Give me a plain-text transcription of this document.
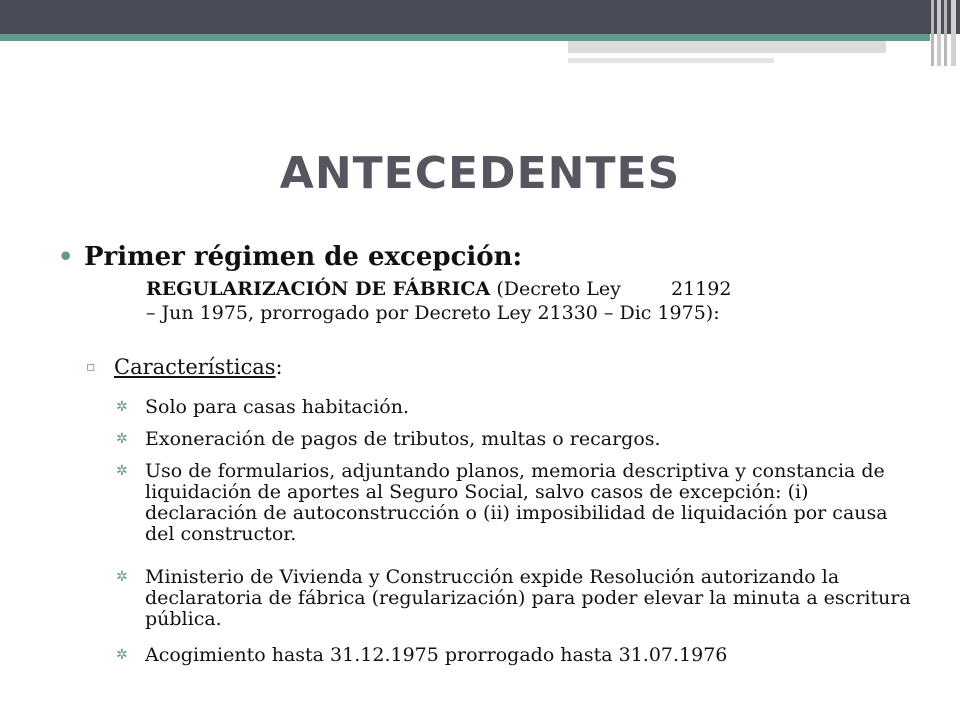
ANTECEDENTES
• Primer régimen de excepción:
REGULARIZACIÓN DE FÁBRICA (Decreto Ley    21192
– Jun 1975, prorrogado por Decreto Ley 21330 – Dic 1975):
▫ Características:
✲ Solo para casas habitación.
✲ Exoneración de pagos de tributos, multas o recargos.
✲ Uso de formularios, adjuntando planos, memoria descriptiva y constancia de liquidación de aportes al Seguro Social, salvo casos de excepción: (i) declaración de autoconstrucción o (ii) imposibilidad de liquidación por causa del constructor.
✲ Ministerio de Vivienda y Construcción expide Resolución autorizando la declaratoria de fábrica (regularización) para poder elevar la minuta a escritura pública.
✲ Acogimiento hasta 31.12.1975 prorrogado hasta 31.07.1976
